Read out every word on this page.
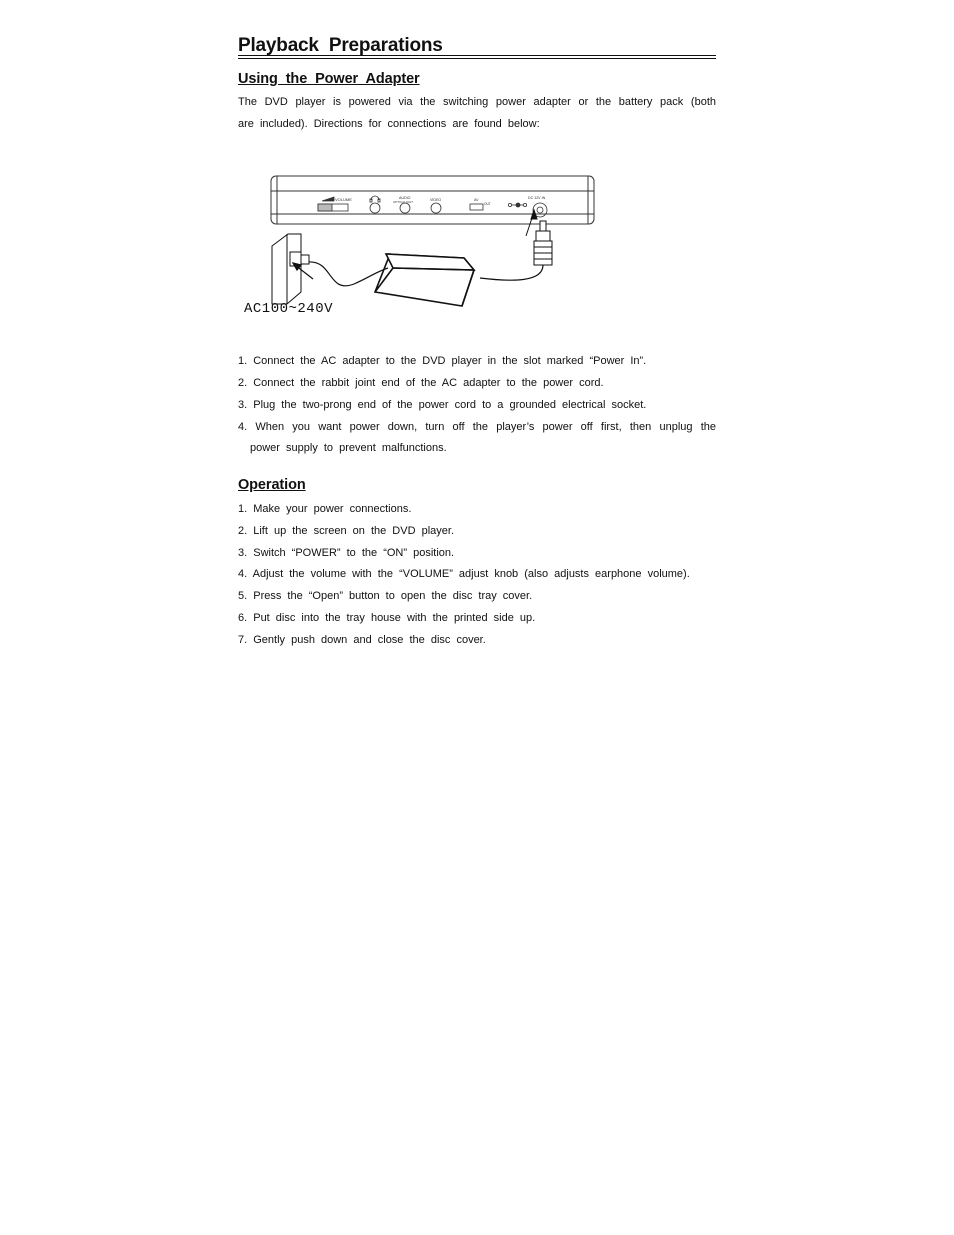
Playback Preparations
Using the Power Adapter
The DVD player is powered via the switching power adapter or the battery pack (both
are included). Directions for connections are found below:
VOLUME	AUDIO
OPTICAL/OUT	VIDEO	AV
OUT
DC 12V IN
AC100~240V
1. Connect the AC adapter to the DVD player in the slot marked “Power In”.
2. Connect the rabbit joint end of the AC adapter to the power cord.
3. Plug the two-prong end of the power cord to a grounded electrical socket.
4. When you want power down, turn off the player’s power off first, then unplug the
power supply to prevent malfunctions.
Operation
1. Make your power connections.
2. Lift up the screen on the DVD player.
3. Switch “POWER” to the “ON” position.
4. Adjust the volume with the “VOLUME” adjust knob (also adjusts earphone volume).
5. Press the “Open” button to open the disc tray cover.
6. Put disc into the tray house with the printed side up.
7. Gently push down and close the disc cover.
